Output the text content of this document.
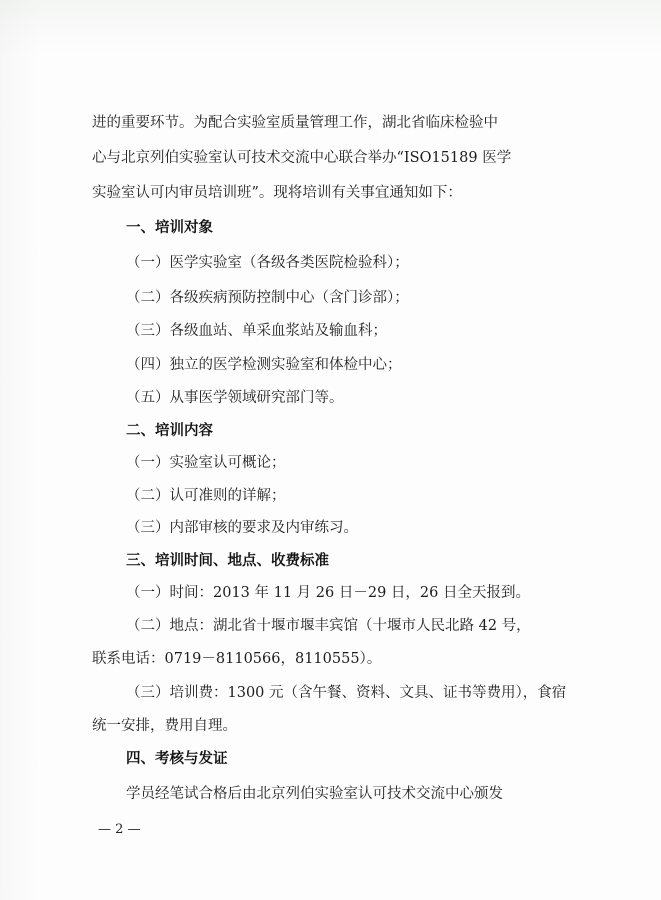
进的重要环节。为配合实验室质量管理工作，湖北省临床检验中
心与北京列伯实验室认可技术交流中心联合举办“ISO15189 医学
实验室认可内审员培训班”。现将培训有关事宜通知如下：
一、培训对象
（一）医学实验室（各级各类医院检验科）；
（二）各级疾病预防控制中心（含门诊部）；
（三）各级血站、单采血浆站及输血科；
（四）独立的医学检测实验室和体检中心；
（五）从事医学领域研究部门等。
二、培训内容
（一）实验室认可概论；
（二）认可准则的详解；
（三）内部审核的要求及内审练习。
三、培训时间、地点、收费标准
（一）时间：2013 年 11 月 26 日－29 日，26 日全天报到。
（二）地点：湖北省十堰市堰丰宾馆（十堰市人民北路 42 号，
联系电话：0719－8110566，8110555）。
（三）培训费：1300 元（含午餐、资料、文具、证书等费用），食宿
统一安排，费用自理。
四、考核与发证
学员经笔试合格后由北京列伯实验室认可技术交流中心颁发
— 2 —
